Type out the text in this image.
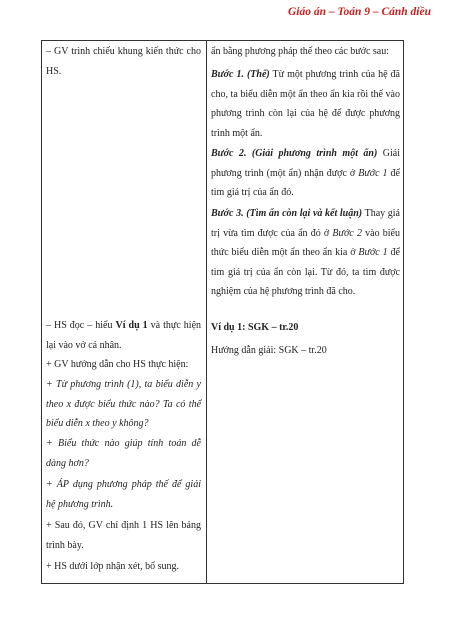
Giáo án – Toán 9 – Cánh diều

– GV trình chiếu khung kiến thức cho HS.

– HS đọc – hiểu Ví dụ 1 và thực hiện lại vào vở cá nhân.

+ GV hướng dẫn cho HS thực hiện:

+ Từ phương trình (1), ta biểu diễn y theo x được biểu thức nào? Ta có thể biểu diễn x theo y không?

+ Biểu thức nào giúp tính toán dễ dàng hơn?

+ ÁP dụng phương pháp thế để giải hệ phương trình.

+ Sau đó, GV chỉ định 1 HS lên bảng trình bày.

+ HS dưới lớp nhận xét, bổ sung.

ẩn bằng phương pháp thế theo các bước sau:

Bước 1. (Thế) Từ một phương trình của hệ đã cho, ta biểu diễn một ẩn theo ẩn kia rồi thế vào phương trình còn lại của hệ để được phương trình một ẩn.

Bước 2. (Giải phương trình một ẩn) Giải phương trình (một ẩn) nhận được ở Bước 1 để tìm giá trị của ẩn đó.

Bước 3. (Tìm ẩn còn lại và kết luận) Thay giá trị vừa tìm được của ẩn đó ở Bước 2 vào biểu thức biểu diễn một ẩn theo ẩn kia ở Bước 1 để tìm giá trị của ẩn còn lại. Từ đó, ta tìm được nghiệm của hệ phương trình đã cho.

Ví dụ 1: SGK – tr.20

Hướng dẫn giải: SGK – tr.20
